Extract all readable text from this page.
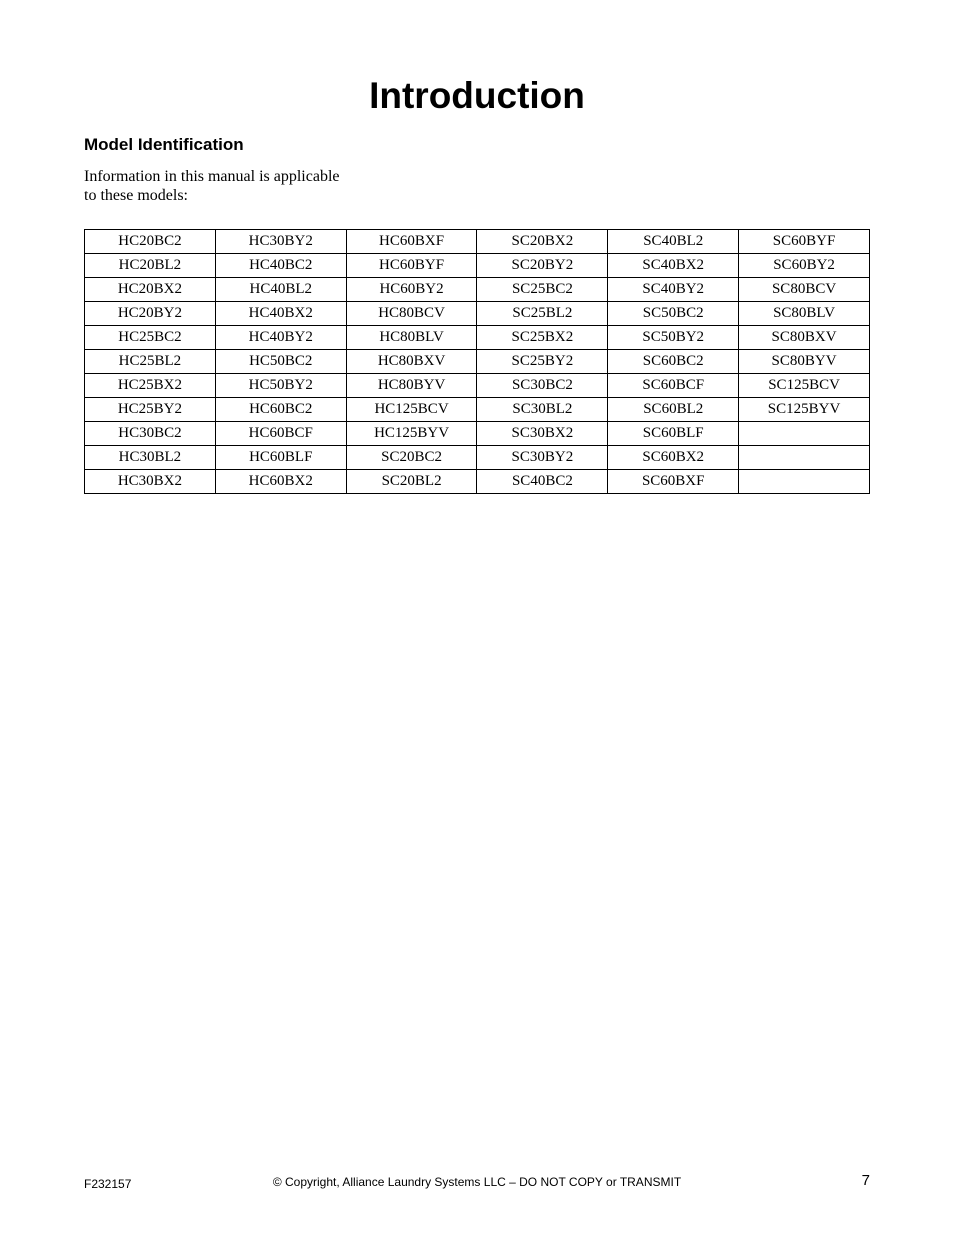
Introduction
Model Identification

Information in this manual is applicable
to these models:

HC20BC2	HC30BY2	HC60BXF	SC20BX2	SC40BL2	SC60BYF
HC20BL2	HC40BC2	HC60BYF	SC20BY2	SC40BX2	SC60BY2
HC20BX2	HC40BL2	HC60BY2	SC25BC2	SC40BY2	SC80BCV
HC20BY2	HC40BX2	HC80BCV	SC25BL2	SC50BC2	SC80BLV
HC25BC2	HC40BY2	HC80BLV	SC25BX2	SC50BY2	SC80BXV
HC25BL2	HC50BC2	HC80BXV	SC25BY2	SC60BC2	SC80BYV
HC25BX2	HC50BY2	HC80BYV	SC30BC2	SC60BCF	SC125BCV
HC25BY2	HC60BC2	HC125BCV	SC30BL2	SC60BL2	SC125BYV
HC30BC2	HC60BCF	HC125BYV	SC30BX2	SC60BLF	
HC30BL2	HC60BLF	SC20BC2	SC30BY2	SC60BX2	
HC30BX2	HC60BX2	SC20BL2	SC40BC2	SC60BXF	
F232157	© Copyright, Alliance Laundry Systems LLC – DO NOT COPY or TRANSMIT	7
